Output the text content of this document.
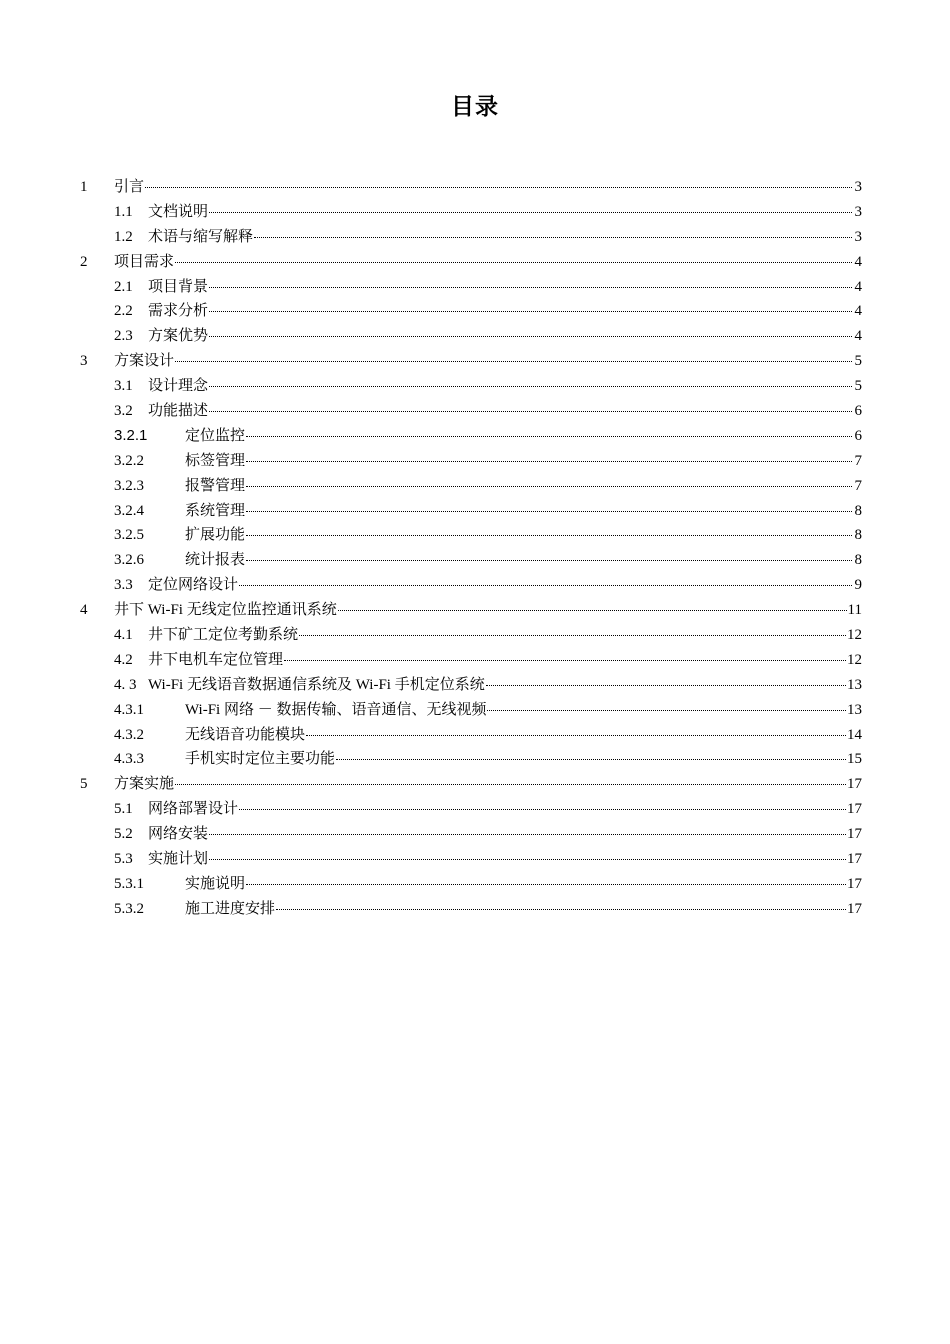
目录
1	引言	3
1.1	文档说明	3
1.2	术语与缩写解释	3
2	项目需求	4
2.1	项目背景	4
2.2	需求分析	4
2.3	方案优势	4
3	方案设计	5
3.1	设计理念	5
3.2	功能描述	6
3.2.1	定位监控	6
3.2.2	标签管理	7
3.2.3	报警管理	7
3.2.4	系统管理	8
3.2.5	扩展功能	8
3.2.6	统计报表	8
3.3	定位网络设计	9
4	井下 Wi-Fi 无线定位监控通讯系统	11
4.1	井下矿工定位考勤系统	12
4.2	井下电机车定位管理	12
4. 3 Wi-Fi 无线语音数据通信系统及 Wi-Fi 手机定位系统	13
4.3.1	Wi-Fi 网络 － 数据传输、语音通信、无线视频	13
4.3.2	无线语音功能模块	14
4.3.3	手机实时定位主要功能	15
5	方案实施	17
5.1	网络部署设计	17
5.2	网络安装	17
5.3	实施计划	17
5.3.1	实施说明	17
5.3.2	施工进度安排	17
